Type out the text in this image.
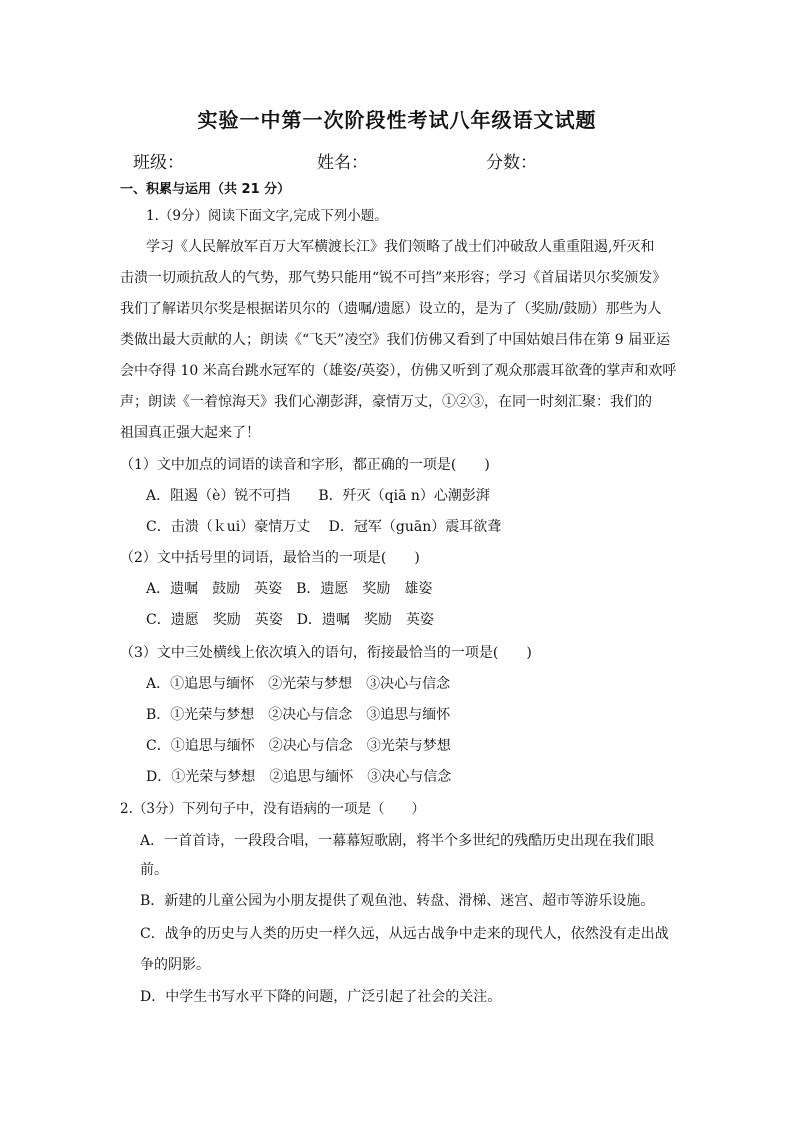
实验一中第一次阶段性考试八年级语文试题
班级：	姓名：	分数：
一、积累与运用（共 21 分）
1.（9分）阅读下面文字,完成下列小题。
学习《人民解放军百万大军横渡长江》我们领略了战士们冲破敌人重重阻遏,歼灭和
击溃一切顽抗敌人的气势，那气势只能用“锐不可挡”来形容；学习《首届诺贝尔奖颁发》
我们了解诺贝尔奖是根据诺贝尔的（遗嘱/遗愿）设立的，是为了（奖励/鼓励）那些为人
类做出最大贡献的人；朗读《“飞天”凌空》我们仿佛又看到了中国姑娘吕伟在第 9 届亚运
会中夺得 10 米高台跳水冠军的（雄姿/英姿），仿佛又听到了观众那震耳欲聋的掌声和欢呼
声；朗读《一着惊海天》我们心潮彭湃，豪情万丈，①②③，在同一时刻汇聚：我们的
祖国真正强大起来了！
（1）文中加点的词语的读音和字形，都正确的一项是(　　)
A．阻遏（è）锐不可挡　　B．歼灭（qiā n）心潮彭湃
C．击溃（ｋui）豪情万丈　 D．冠军（guān）震耳欲聋
（2）文中括号里的词语，最恰当的一项是(　　)
A．遗嘱　鼓励　英姿　B．遗愿　奖励　雄姿
C．遗愿　奖励　英姿　D．遗嘱　奖励　英姿
（3）文中三处横线上依次填入的语句，衔接最恰当的一项是(　　)
A．①追思与缅怀　②光荣与梦想　③决心与信念
B．①光荣与梦想　②决心与信念　③追思与缅怀
C．①追思与缅怀　②决心与信念　③光荣与梦想
D．①光荣与梦想　②追思与缅怀　③决心与信念
2.（3分）下列句子中，没有语病的一项是（　　）
A．一首首诗，一段段合唱，一幕幕短歌剧，将半个多世纪的残酷历史出现在我们眼
前。
B．新建的儿童公园为小朋友提供了观鱼池、转盘、滑梯、迷宫、超市等游乐设施。
C．战争的历史与人类的历史一样久远，从远古战争中走来的现代人，依然没有走出战
争的阴影。
D．中学生书写水平下降的问题，广泛引起了社会的关注。
